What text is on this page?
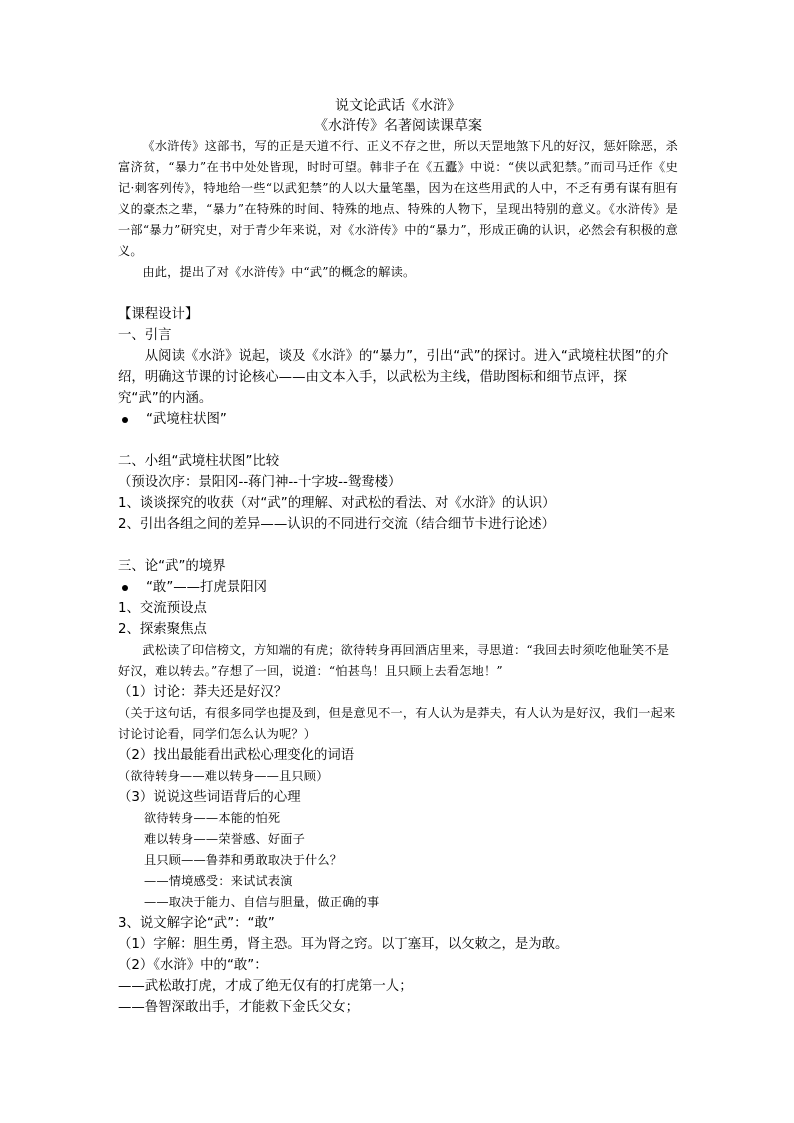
说文论武话《水浒》
《水浒传》名著阅读课草案

《水浒传》这部书，写的正是天道不行、正义不存之世，所以天罡地煞下凡的好汉，惩奸除恶，杀富济贫，“暴力”在书中处处皆现，时时可望。韩非子在《五蠹》中说：“侠以武犯禁。”而司马迁作《史记·刺客列传》，特地给一些“以武犯禁”的人以大量笔墨，因为在这些用武的人中，不乏有勇有谋有胆有义的豪杰之辈，“暴力”在特殊的时间、特殊的地点、特殊的人物下，呈现出特别的意义。《水浒传》是一部“暴力”研究史，对于青少年来说，对《水浒传》中的“暴力”，形成正确的认识，必然会有积极的意义。

由此，提出了对《水浒传》中“武”的概念的解读。

【课程设计】

一、引言

从阅读《水浒》说起，谈及《水浒》的“暴力”，引出“武”的探讨。进入“武境柱状图”的介绍，明确这节课的讨论核心——由文本入手，以武松为主线，借助图标和细节点评，探究“武”的内涵。

“武境柱状图”

二、小组“武境柱状图”比较

（预设次序：景阳冈--蒋门神--十字坡--鸳鸯楼）

1、谈谈探究的收获（对“武”的理解、对武松的看法、对《水浒》的认识）

2、引出各组之间的差异——认识的不同进行交流（结合细节卡进行论述）

三、论“武”的境界

“敢”——打虎景阳冈

1、交流预设点

2、探索聚焦点

武松读了印信榜文，方知端的有虎；欲待转身再回酒店里来，寻思道：“我回去时须吃他耻笑不是好汉，难以转去。”存想了一回，说道：“怕甚鸟！且只顾上去看怎地！”

（1）讨论：莽夫还是好汉？

（关于这句话，有很多同学也提及到，但是意见不一，有人认为是莽夫，有人认为是好汉，我们一起来讨论讨论看，同学们怎么认为呢？）

（2）找出最能看出武松心理变化的词语

（欲待转身——难以转身——且只顾）

（3）说说这些词语背后的心理

欲待转身——本能的怕死

难以转身——荣誉感、好面子

且只顾——鲁莽和勇敢取决于什么？

——情境感受：来试试表演

——取决于能力、自信与胆量，做正确的事

3、说文解字论“武”：“敢”

（1）字解：胆生勇，肾主恐。耳为肾之窍。以丁塞耳，以攵敕之，是为敢。

（2）《水浒》中的“敢”：

——武松敢打虎，才成了绝无仅有的打虎第一人；

——鲁智深敢出手，才能救下金氏父女；
